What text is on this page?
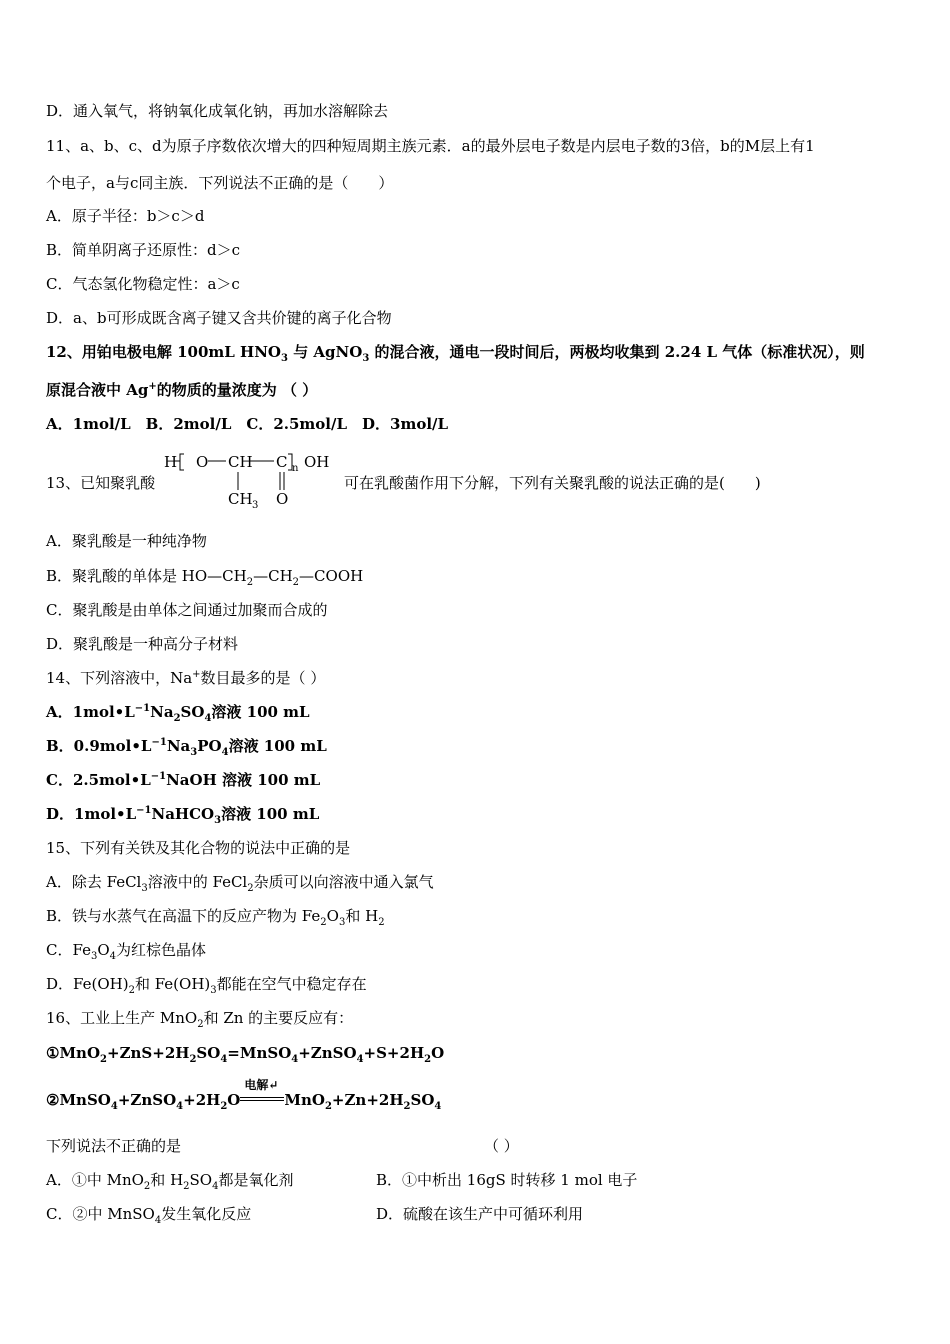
D．通入氧气，将钠氧化成氧化钠，再加水溶解除去
11、a、b、c、d为原子序数依次增大的四种短周期主族元素．a的最外层电子数是内层电子数的3倍，b的M层上有1
个电子，a与c同主族．下列说法不正确的是（　　）
A．原子半径：b＞c＞d
B．简单阴离子还原性：d＞c
C．气态氢化物稳定性：a＞c
D．a、b可形成既含离子键又含共价键的离子化合物
12、用铂电极电解 100mL $HNO_3$ 与 AgNO$_3$ 的混合液，通电一段时间后，两极均收集到 2.24 L 气体（标准状况），则
原混合液中 Ag+的物质的量浓度为 （ ）
A．1mol/L　B．2mol/L　C．2.5mol/L　D．3mol/L
13、已知聚乳酸
H O CH C n OH
CH 3 O
可在乳酸菌作用下分解，下列有关聚乳酸的说法正确的是(　　)
A．聚乳酸是一种纯净物
B．聚乳酸的单体是 $HO—CH_2—CH_2—COOH$
C．聚乳酸是由单体之间通过加聚而合成的
D．聚乳酸是一种高分子材料
14、下列溶液中，Na+数目最多的是（ ）
A．$1mol•L^{-1}Na_2SO_4$溶液 100 mL
B．$0.9mol•L^{-1}Na_3PO_4$溶液 100 mL
C．$2.5mol•L^{-1}NaOH$ 溶液 100 mL
D．$1mol•L^{-1}NaHCO_3$溶液 100 mL
15、下列有关铁及其化合物的说法中正确的是
A．除去 FeCl$_3$溶液中的 FeCl$_2$杂质可以向溶液中通入氯气
B．铁与水蒸气在高温下的反应产物为 $Fe_2O_3$和 $H_2$
C．$Fe_3O_4$为红棕色晶体
D．$Fe(OH)_2$和 $Fe(OH)_3$都能在空气中稳定存在
16、工业上生产 MnO$_2$和 Zn 的主要反应有：
$①MnO_2+ZnS+2H_2SO_4=MnSO_4+ZnSO_4+S+2H_2O$
$②MnSO_4+ZnSO_4+2H_2O$
电解↵
$MnO_2+Zn+2H_2SO_4$
下列说法不正确的是	（ ）
A．①中 MnO$_2$和 $H_2SO_4$都是氧化剂	B．①中析出 16gS 时转移 1 mol 电子
C．②中 MnSO$_4$发生氧化反应	D．硫酸在该生产中可循环利用
